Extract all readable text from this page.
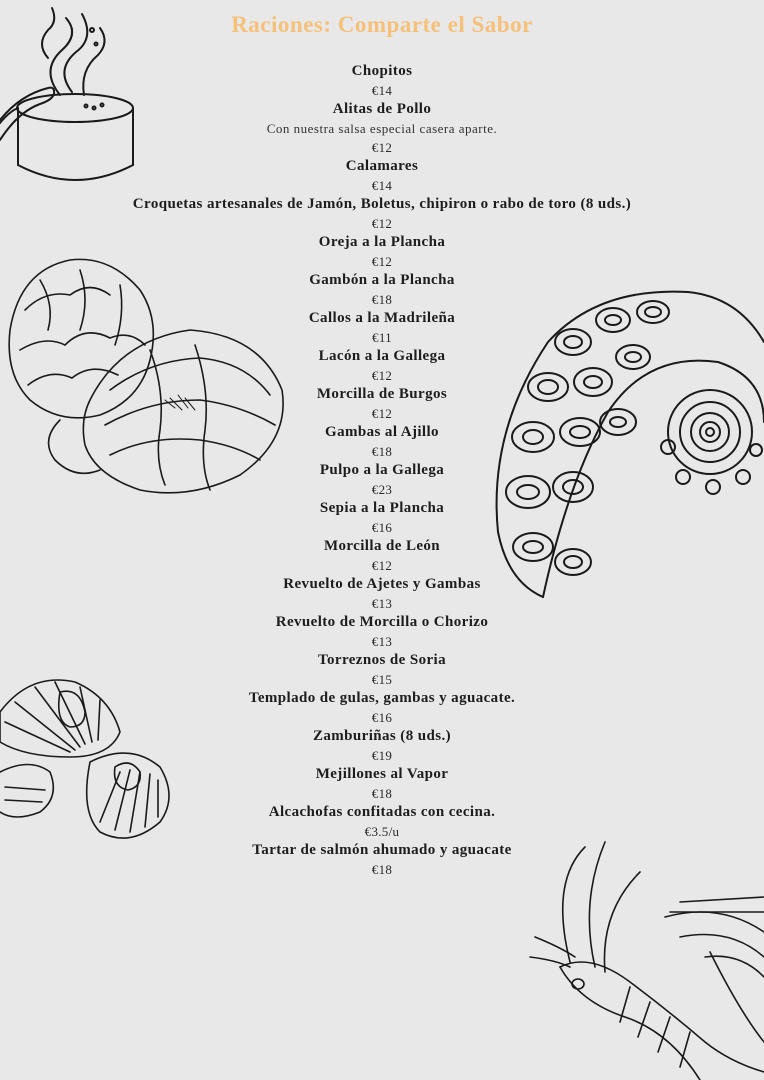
Raciones: Comparte el Sabor
Chopitos
€14
Alitas de Pollo
Con nuestra salsa especial casera aparte.
€12
Calamares
€14
Croquetas artesanales de Jamón, Boletus, chipiron o rabo de toro (8 uds.)
€12
Oreja a la Plancha
€12
Gambón a la Plancha
€18
Callos a la Madrileña
€11
Lacón a la Gallega
€12
Morcilla de Burgos
€12
Gambas al Ajillo
€18
Pulpo a la Gallega
€23
Sepia a la Plancha
€16
Morcilla de León
€12
Revuelto de Ajetes y Gambas
€13
Revuelto de Morcilla o Chorizo
€13
Torreznos de Soria
€15
Templado de gulas, gambas y aguacate.
€16
Zamburiñas (8 uds.)
€19
Mejillones al Vapor
€18
Alcachofas confitadas con cecina.
€3.5/u
Tartar de salmón ahumado y aguacate
€18
